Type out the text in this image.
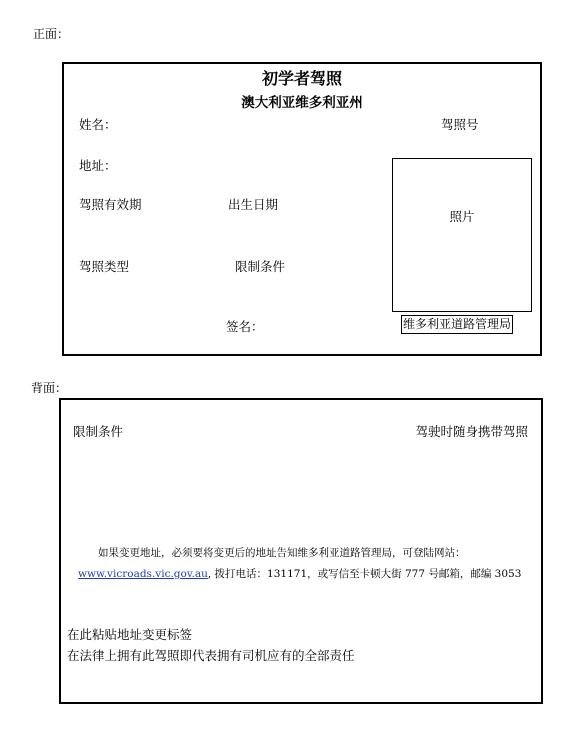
正面：
初学者驾照
澳大利亚维多利亚州
姓名：	驾照号
地址：
驾照有效期	出生日期
驾照类型	限制条件
照片
签名：	维多利亚道路管理局
背面：
限制条件	驾驶时随身携带驾照
如果变更地址，必须要将变更后的地址告知维多利亚道路管理局，可登陆网站：
www.vicroads.vic.gov.au, 拨打电话：131171，或写信至卡顿大街 777 号邮箱，邮编 3053
在此粘贴地址变更标签
在法律上拥有此驾照即代表拥有司机应有的全部责任
